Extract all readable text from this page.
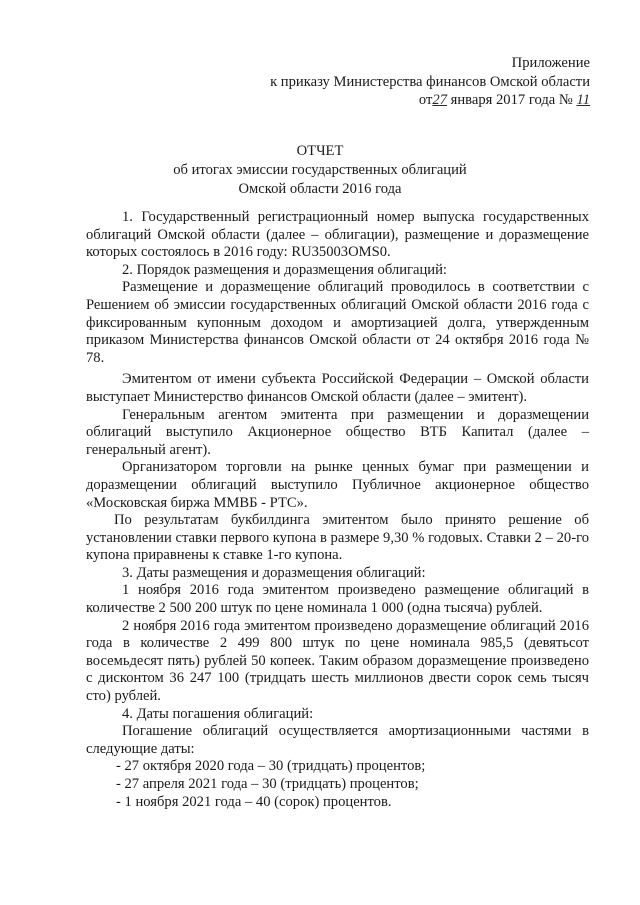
Приложение
к приказу Министерства финансов Омской области
от27 января 2017 года № 11
ОТЧЕТ
об итогах эмиссии государственных облигаций
Омской области 2016 года

1. Государственный регистрационный номер выпуска государственных облигаций Омской области (далее – облигации), размещение и доразмещение которых состоялось в 2016 году: RU35003OMS0.

2. Порядок размещения и доразмещения облигаций:

Размещение и доразмещение облигаций проводилось в соответствии с Решением об эмиссии государственных облигаций Омской области 2016 года с фиксированным купонным доходом и амортизацией долга, утвержденным приказом Министерства финансов Омской области от 24 октября 2016 года № 78.

Эмитентом от имени субъекта Российской Федерации – Омской области выступает Министерство финансов Омской области (далее – эмитент).

Генеральным агентом эмитента при размещении и доразмещении облигаций выступило Акционерное общество ВТБ Капитал (далее – генеральный агент).

Организатором торговли на рынке ценных бумаг при размещении и доразмещении облигаций выступило Публичное акционерное общество «Московская биржа ММВБ - РТС».

По результатам букбилдинга эмитентом было принято решение об установлении ставки первого купона в размере 9,30 % годовых. Ставки 2 – 20-го купона приравнены к ставке 1-го купона.

3. Даты размещения и доразмещения облигаций:

1 ноября 2016 года эмитентом произведено размещение облигаций в количестве 2 500 200 штук по цене номинала 1 000 (одна тысяча) рублей.

2 ноября 2016 года эмитентом произведено доразмещение облигаций 2016 года в количестве 2 499 800 штук по цене номинала 985,5 (девятьсот восемьдесят пять) рублей 50 копеек. Таким образом доразмещение произведено с дисконтом 36 247 100 (тридцать шесть миллионов двести сорок семь тысяч сто) рублей.

4. Даты погашения облигаций:

Погашение облигаций осуществляется амортизационными частями в следующие даты:

- 27 октября 2020 года – 30 (тридцать) процентов;

- 27 апреля 2021 года – 30 (тридцать) процентов;

- 1 ноября 2021 года – 40 (сорок) процентов.
